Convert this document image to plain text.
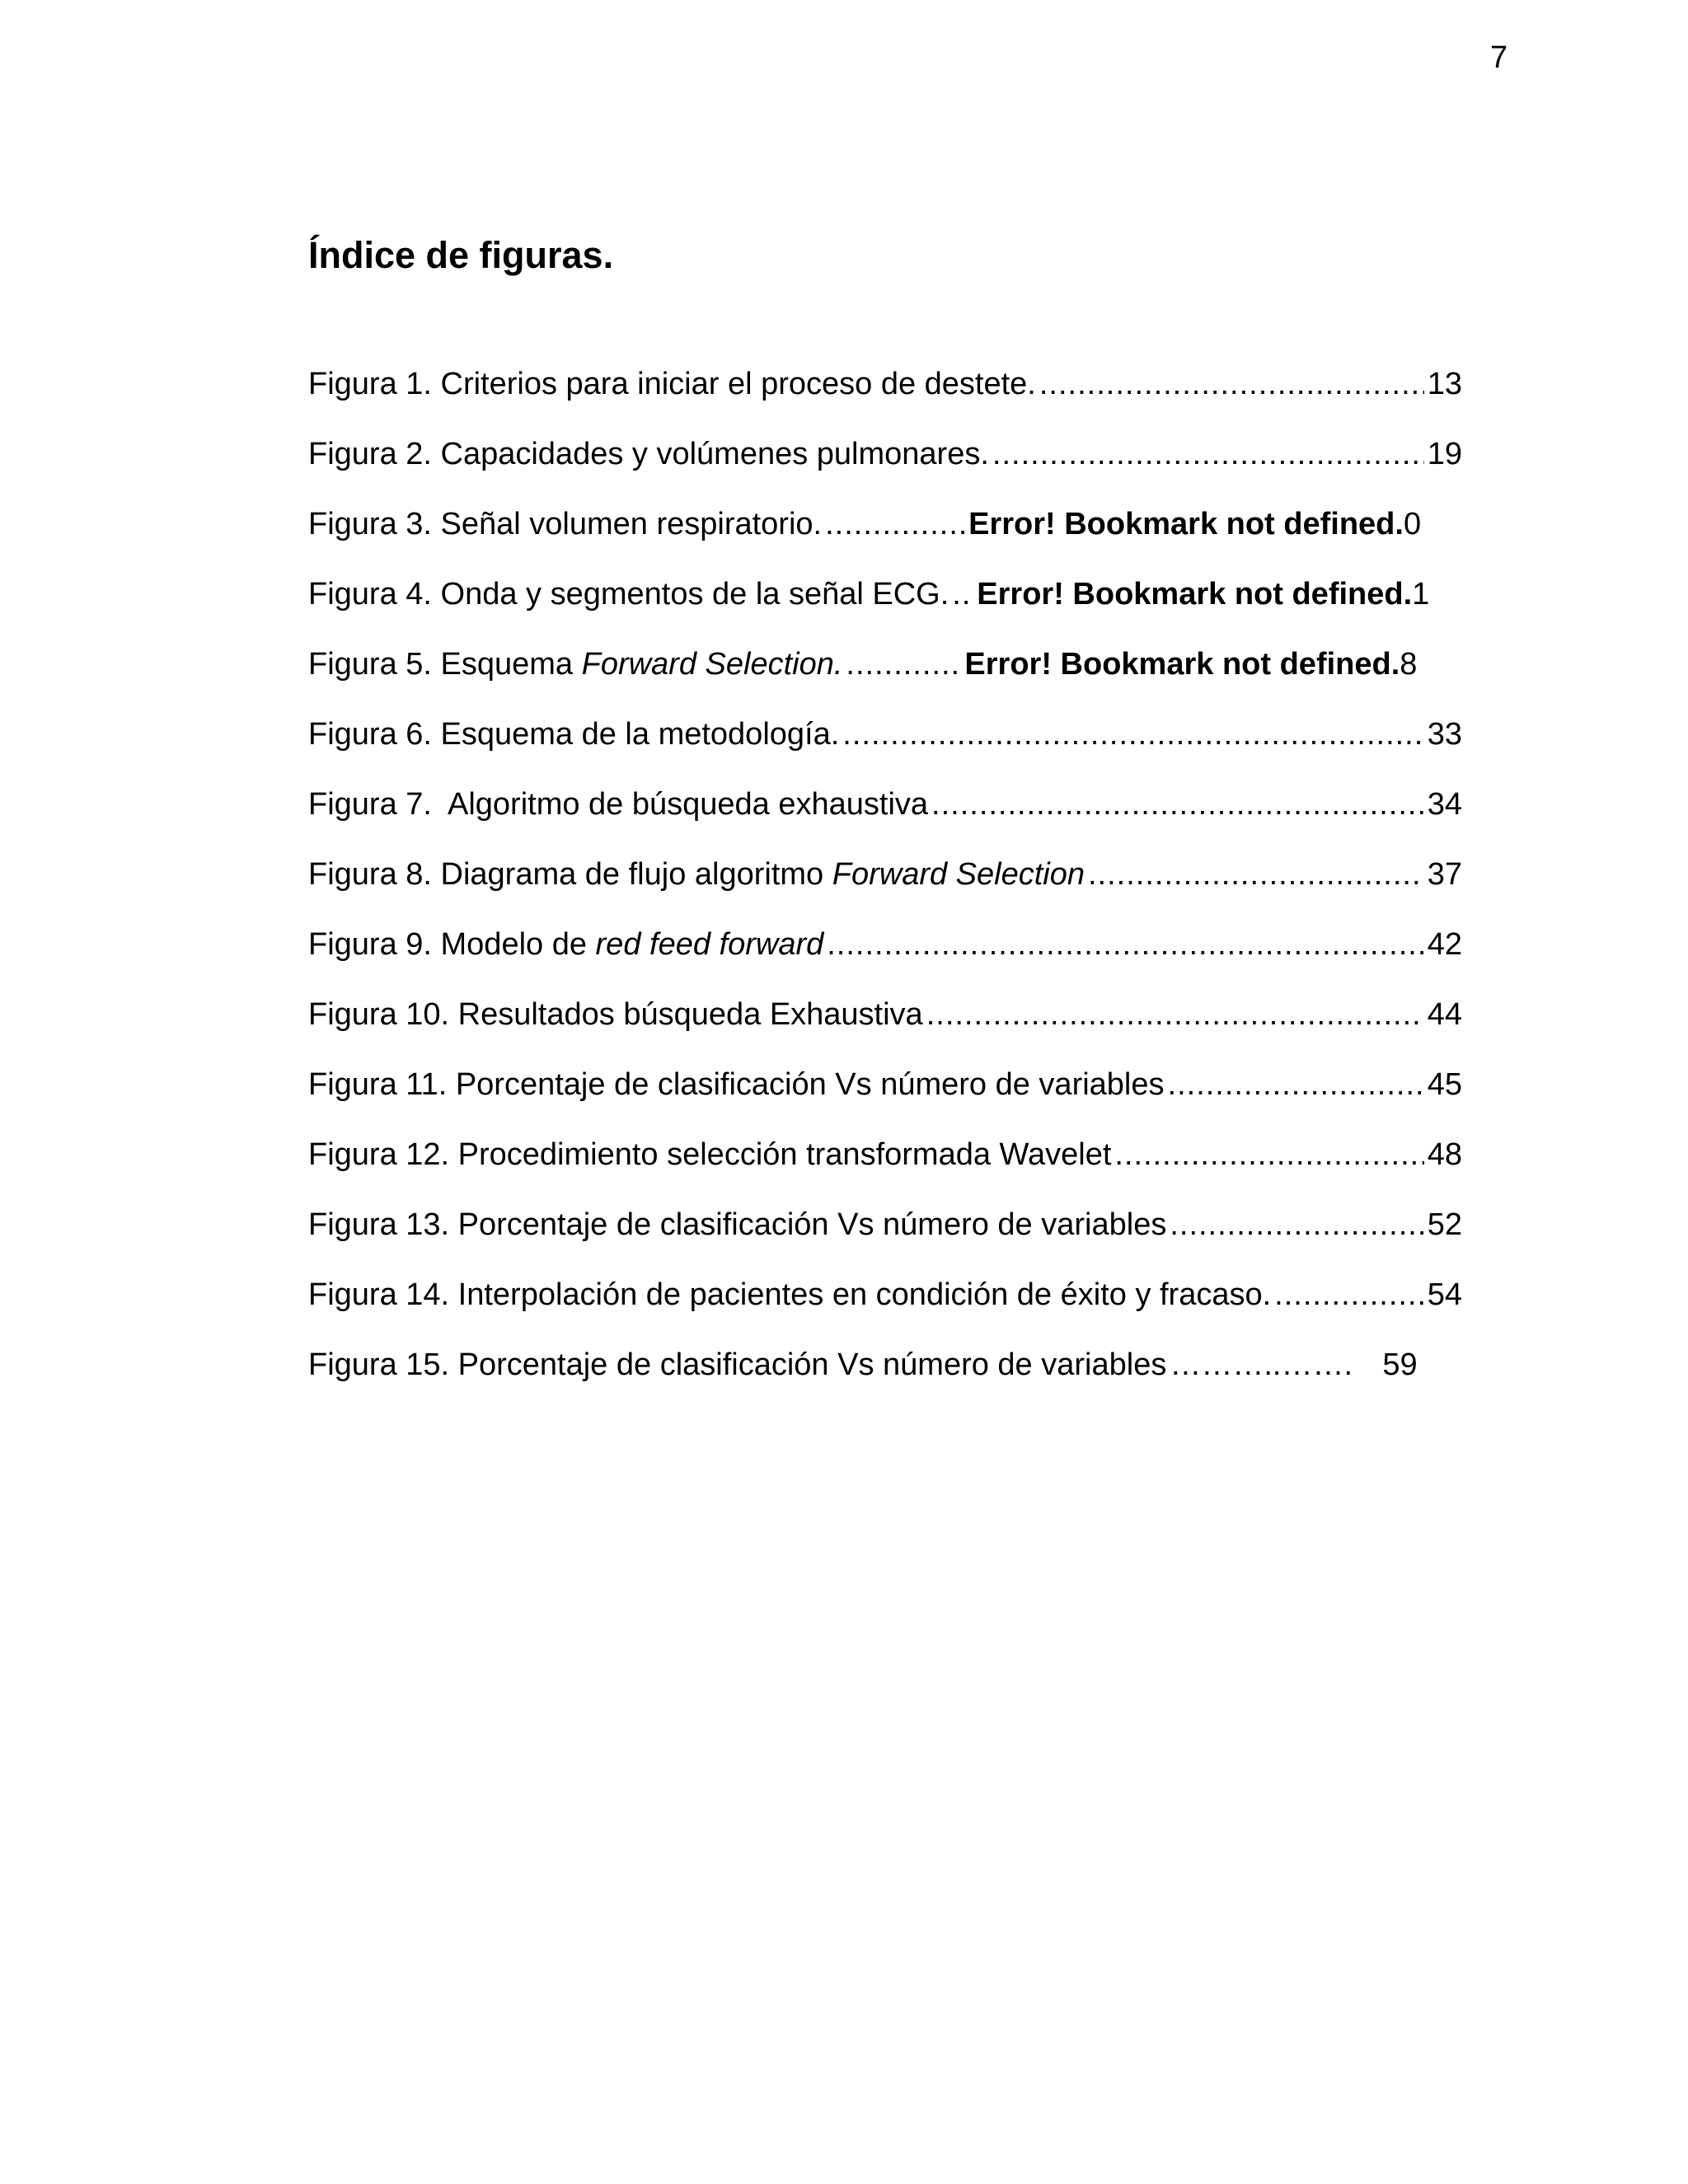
7
Índice de figuras.
Figura 1. Criterios para iniciar el proceso de destete. .....	13
Figura 2. Capacidades y volúmenes pulmonares. .....	19
Figura 3. Señal volumen respiratorio. .....	Error! Bookmark not defined. 0
Figura 4. Onda y segmentos de la señal ECG. ..... Error! Bookmark not defined. 1
Figura 5. Esquema Forward Selection. .....	Error! Bookmark not defined. 8
Figura 6. Esquema de la metodología. .....	33
Figura 7.  Algoritmo de búsqueda exhaustiva .....	34
Figura 8. Diagrama de flujo algoritmo Forward Selection .....	37
Figura 9. Modelo de red feed forward .....	42
Figura 10. Resultados búsqueda Exhaustiva .....	44
Figura 11. Porcentaje de clasificación Vs número de variables .....	45
Figura 12. Procedimiento selección transformada Wavelet .....	48
Figura 13. Porcentaje de clasificación Vs número de variables .....	52
Figura 14. Interpolación de pacientes en condición de éxito y fracaso. .....	54
Figura 15. Porcentaje de clasificación Vs número de variables ………..…….	59
